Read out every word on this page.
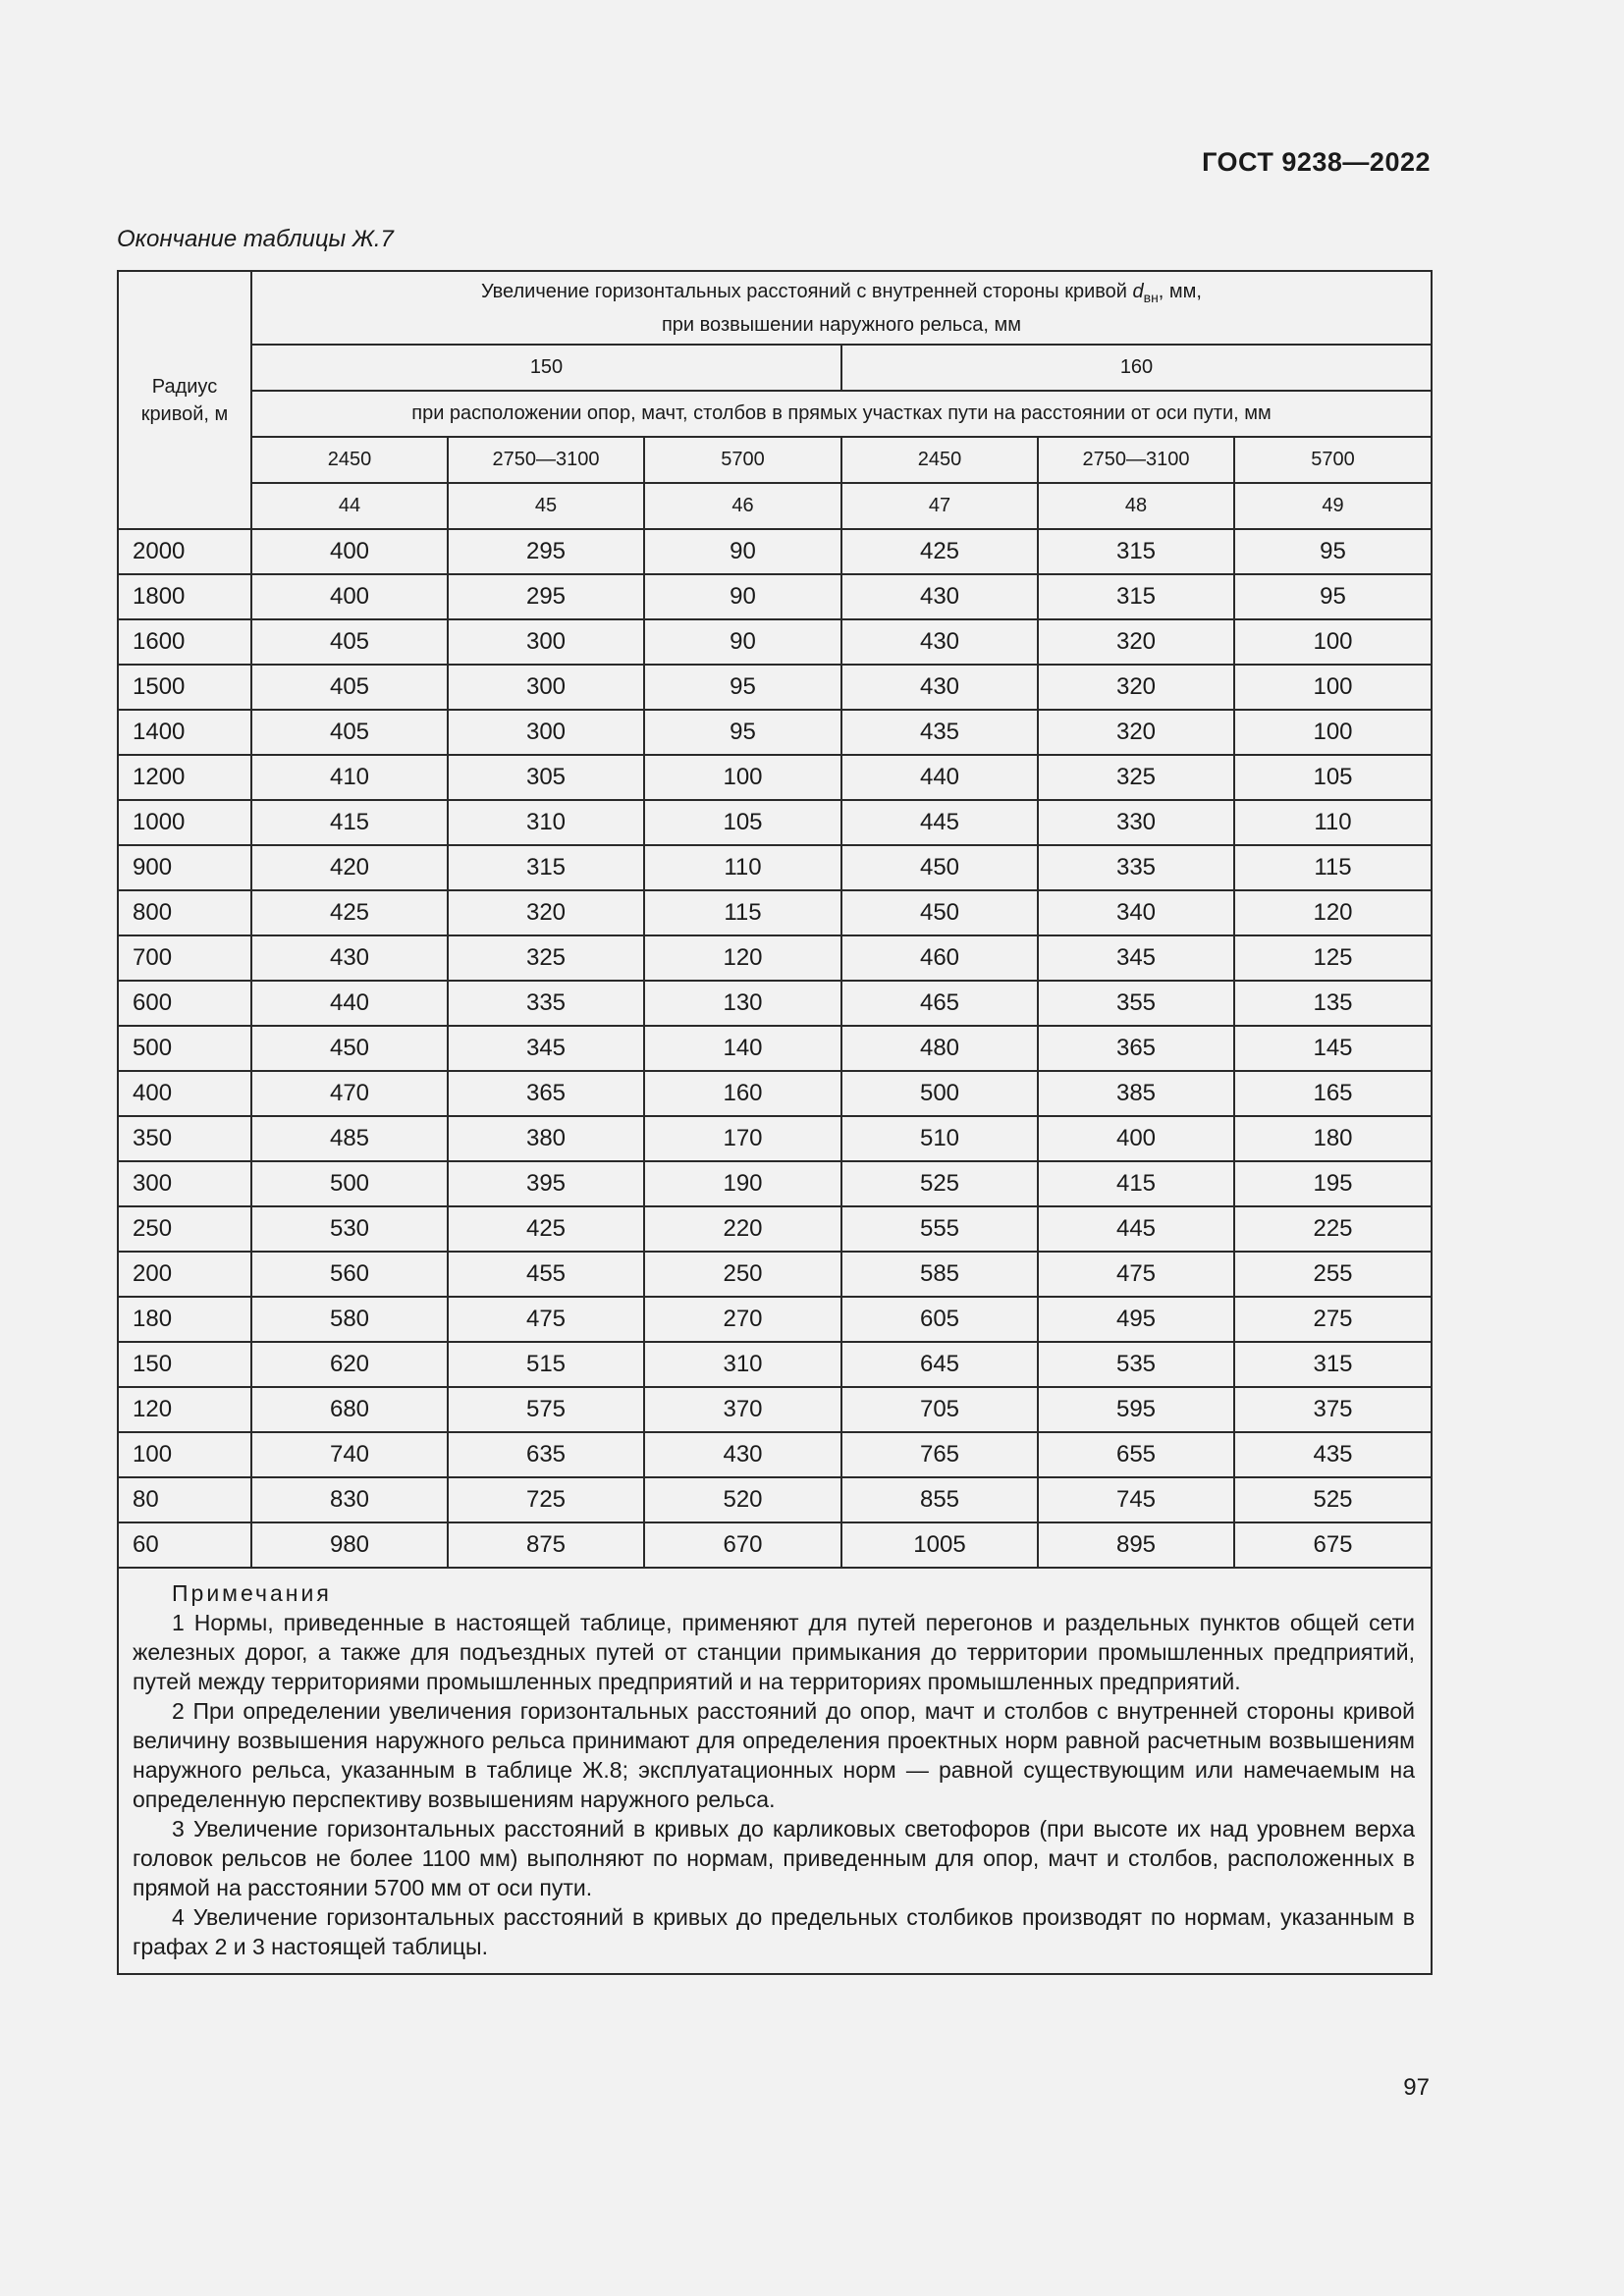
ГОСТ 9238—2022
Окончание таблицы Ж.7
Радиус кривой, м	Увеличение горизонтальных расстояний с внутренней стороны кривой $d_{вн}$, мм,
при возвышении наружного рельса, мм					
	150			160		
	при расположении опор, мачт, столбов в прямых участках пути на расстоянии от оси пути, мм					
	2450	2750—3100	5700	2450	2750—3100	5700
	44	45	46	47	48	49
2000	400	295	90	425	315	95
1800	400	295	90	430	315	95
1600	405	300	90	430	320	100
1500	405	300	95	430	320	100
1400	405	300	95	435	320	100
1200	410	305	100	440	325	105
1000	415	310	105	445	330	110
900	420	315	110	450	335	115
800	425	320	115	450	340	120
700	430	325	120	460	345	125
600	440	335	130	465	355	135
500	450	345	140	480	365	145
400	470	365	160	500	385	165
350	485	380	170	510	400	180
300	500	395	190	525	415	195
250	530	425	220	555	445	225
200	560	455	250	585	475	255
180	580	475	270	605	495	275
150	620	515	310	645	535	315
120	680	575	370	705	595	375
100	740	635	430	765	655	435
80	830	725	520	855	745	525
60	980	875	670	1005	895	675

Примечания

1 Нормы, приведенные в настоящей таблице, применяют для путей перегонов и раздельных пунктов общей сети железных дорог, а также для подъездных путей от станции примыкания до территории промышленных предприятий, путей между территориями промышленных предприятий и на территориях промышленных предприятий.

2 При определении увеличения горизонтальных расстояний до опор, мачт и столбов с внутренней стороны кривой величину возвышения наружного рельса принимают для определения проектных норм равной расчетным возвышениям наружного рельса, указанным в таблице Ж.8; эксплуатационных норм — равной существующим или намечаемым на определенную перспективу возвышениям наружного рельса.

3 Увеличение горизонтальных расстояний в кривых до карликовых светофоров (при высоте их над уровнем верха головок рельсов не более 1100 мм) выполняют по нормам, приведенным для опор, мачт и столбов, расположенных в прямой на расстоянии 5700 мм от оси пути.

4 Увеличение горизонтальных расстояний в кривых до предельных столбиков производят по нормам, указанным в графах 2 и 3 настоящей таблицы.						

97
